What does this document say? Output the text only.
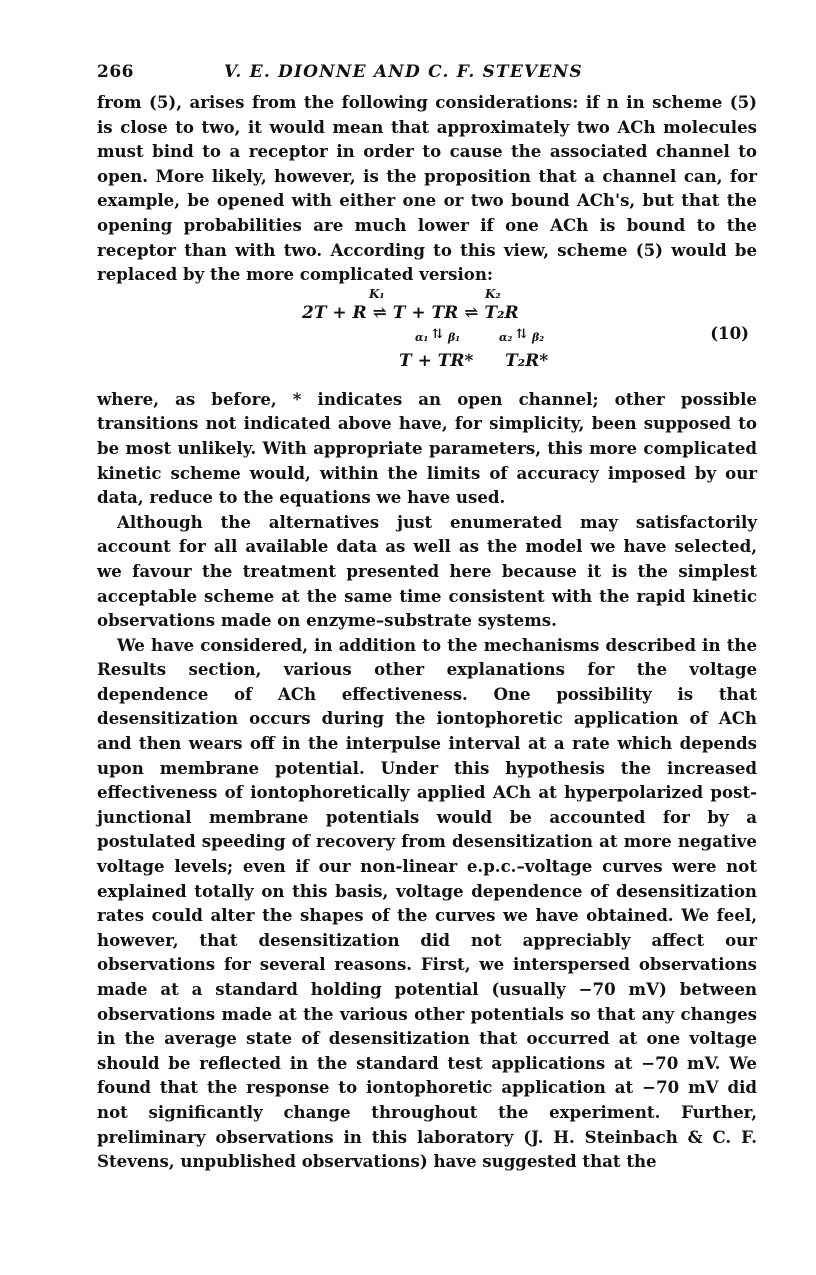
266	V. E. DIONNE AND C. F. STEVENS

from (5), arises from the following considerations: if n in scheme (5) is close to two, it would mean that approximately two ACh molecules must bind to a receptor in order to cause the associated channel to open. More likely, however, is the proposition that a channel can, for example, be opened with either one or two bound ACh's, but that the opening probabilities are much lower if one ACh is bound to the receptor than with two. According to this view, scheme (5) would be replaced by the more complicated version:

K₁	K₂
2T + R ⇌ T + TR ⇌ T₂R
α₁ ⇅ β₁	α₂ ⇅ β₂
T + TR* T₂R*
(10)

where, as before, * indicates an open channel; other possible transitions not indicated above have, for simplicity, been supposed to be most unlikely. With appropriate parameters, this more complicated kinetic scheme would, within the limits of accuracy imposed by our data, reduce to the equations we have used.

Although the alternatives just enumerated may satisfactorily account for all available data as well as the model we have selected, we favour the treatment presented here because it is the simplest acceptable scheme at the same time consistent with the rapid kinetic observations made on enzyme–substrate systems.

We have considered, in addition to the mechanisms described in the Results section, various other explanations for the voltage dependence of ACh effectiveness. One possibility is that desensitization occurs during the iontophoretic application of ACh and then wears off in the interpulse interval at a rate which depends upon membrane potential. Under this hypothesis the increased effectiveness of iontophoretically applied ACh at hyperpolarized post-junctional membrane potentials would be accounted for by a postulated speeding of recovery from desensitization at more negative voltage levels; even if our non-linear e.p.c.–voltage curves were not explained totally on this basis, voltage dependence of desensitization rates could alter the shapes of the curves we have obtained. We feel, however, that desensitization did not appreciably affect our observations for several reasons. First, we interspersed observations made at a standard holding potential (usually −70 mV) between observations made at the various other potentials so that any changes in the average state of desensitization that occurred at one voltage should be reflected in the standard test applications at −70 mV. We found that the response to iontophoretic application at −70 mV did not significantly change throughout the experiment. Further, preliminary observations in this laboratory (J. H. Steinbach & C. F. Stevens, unpublished observations) have suggested that the
